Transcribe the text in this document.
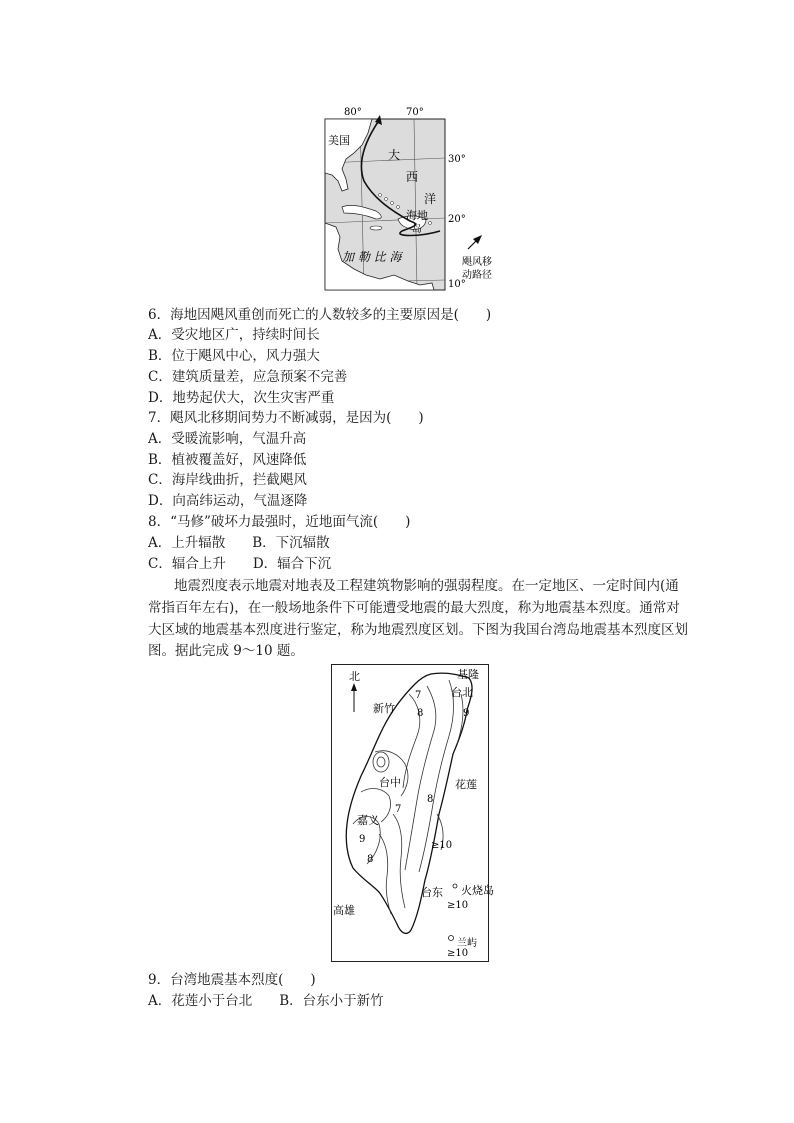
80°	70°
美国
大
西
洋
海地
岛
加 勒 比 海
30°
20°
10°
飓风移
动路径
6．海地因飓风重创而死亡的人数较多的主要原因是(　　)
A．受灾地区广，持续时间长
B．位于飓风中心，风力强大
C．建筑质量差，应急预案不完善
D．地势起伏大，次生灾害严重
7．飓风北移期间势力不断减弱，是因为(　　)
A．受暖流影响，气温升高
B．植被覆盖好，风速降低
C．海岸线曲折，拦截飓风
D．向高纬运动，气温逐降
8．“马修”破坏力最强时，近地面气流(　　)
A．上升辐散　　B．下沉辐散
C．辐合上升　　D．辐合下沉
地震烈度表示地震对地表及工程建筑物影响的强弱程度。在一定地区、一定时间内(通
常指百年左右)，在一般场地条件下可能遭受地震的最大烈度，称为地震基本烈度。通常对
大区域的地震基本烈度进行鉴定，称为地震烈度区划。下图为我国台湾岛地震基本烈度区划
图。据此完成 9～10 题。
北	基隆
台北
新竹
台中	花莲
嘉义
台东 火烧岛
高雄
兰屿
7
8	9
7
8
9
8
≥10
≥10
≥10
9．台湾地震基本烈度(　　)
A．花莲小于台北　　B．台东小于新竹
